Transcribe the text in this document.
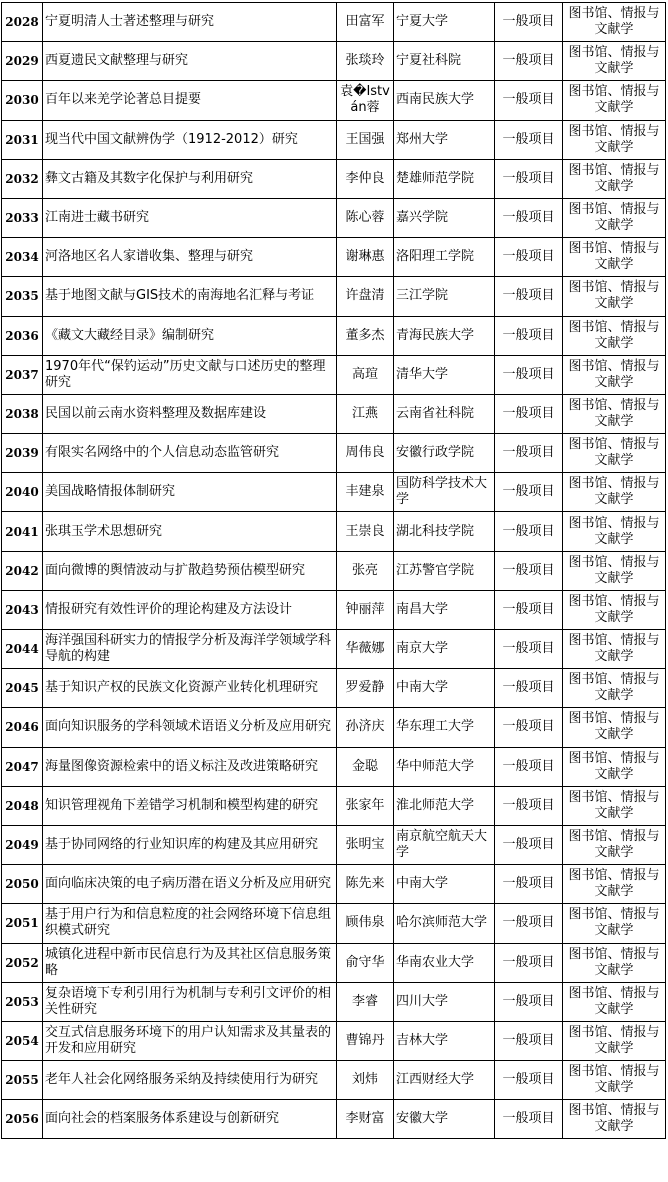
2028	宁夏明清人士著述整理与研究	田富军	宁夏大学	一般项目	图书馆、情报与文献学
2029	西夏遗民文献整理与研究	张琰玲	宁夏社科院	一般项目	图书馆、情报与文献学
2030	百年以来羌学论著总目提要	袁�István蓉	西南民族大学	一般项目	图书馆、情报与文献学
2031	现当代中国文献辨伪学（1912-2012）研究	王国强	郑州大学	一般项目	图书馆、情报与文献学
2032	彝文古籍及其数字化保护与利用研究	李仲良	楚雄师范学院	一般项目	图书馆、情报与文献学
2033	江南进士藏书研究	陈心蓉	嘉兴学院	一般项目	图书馆、情报与文献学
2034	河洛地区名人家谱收集、整理与研究	谢琳惠	洛阳理工学院	一般项目	图书馆、情报与文献学
2035	基于地图文献与GIS技术的南海地名汇释与考证	许盘清	三江学院	一般项目	图书馆、情报与文献学
2036	《藏文大藏经目录》编制研究	董多杰	青海民族大学	一般项目	图书馆、情报与文献学
2037	1970年代“保钓运动”历史文献与口述历史的整理研究	高瑄	清华大学	一般项目	图书馆、情报与文献学
2038	民国以前云南水资料整理及数据库建设	江燕	云南省社科院	一般项目	图书馆、情报与文献学
2039	有限实名网络中的个人信息动态监管研究	周伟良	安徽行政学院	一般项目	图书馆、情报与文献学
2040	美国战略情报体制研究	丰建泉	国防科学技术大学	一般项目	图书馆、情报与文献学
2041	张琪玉学术思想研究	王崇良	湖北科技学院	一般项目	图书馆、情报与文献学
2042	面向微博的舆情波动与扩散趋势预估模型研究	张亮	江苏警官学院	一般项目	图书馆、情报与文献学
2043	情报研究有效性评价的理论构建及方法设计	钟丽萍	南昌大学	一般项目	图书馆、情报与文献学
2044	海洋强国科研实力的情报学分析及海洋学领域学科导航的构建	华薇娜	南京大学	一般项目	图书馆、情报与文献学
2045	基于知识产权的民族文化资源产业转化机理研究	罗爱静	中南大学	一般项目	图书馆、情报与文献学
2046	面向知识服务的学科领域术语语义分析及应用研究	孙济庆	华东理工大学	一般项目	图书馆、情报与文献学
2047	海量图像资源检索中的语义标注及改进策略研究	金聪	华中师范大学	一般项目	图书馆、情报与文献学
2048	知识管理视角下差错学习机制和模型构建的研究	张家年	淮北师范大学	一般项目	图书馆、情报与文献学
2049	基于协同网络的行业知识库的构建及其应用研究	张明宝	南京航空航天大学	一般项目	图书馆、情报与文献学
2050	面向临床决策的电子病历潜在语义分析及应用研究	陈先来	中南大学	一般项目	图书馆、情报与文献学
2051	基于用户行为和信息粒度的社会网络环境下信息组织模式研究	顾伟泉	哈尔滨师范大学	一般项目	图书馆、情报与文献学
2052	城镇化进程中新市民信息行为及其社区信息服务策略	俞守华	华南农业大学	一般项目	图书馆、情报与文献学
2053	复杂语境下专利引用行为机制与专利引文评价的相关性研究	李睿	四川大学	一般项目	图书馆、情报与文献学
2054	交互式信息服务环境下的用户认知需求及其量表的开发和应用研究	曹锦丹	吉林大学	一般项目	图书馆、情报与文献学
2055	老年人社会化网络服务采纳及持续使用行为研究	刘炜	江西财经大学	一般项目	图书馆、情报与文献学
2056	面向社会的档案服务体系建设与创新研究	李财富	安徽大学	一般项目	图书馆、情报与文献学
